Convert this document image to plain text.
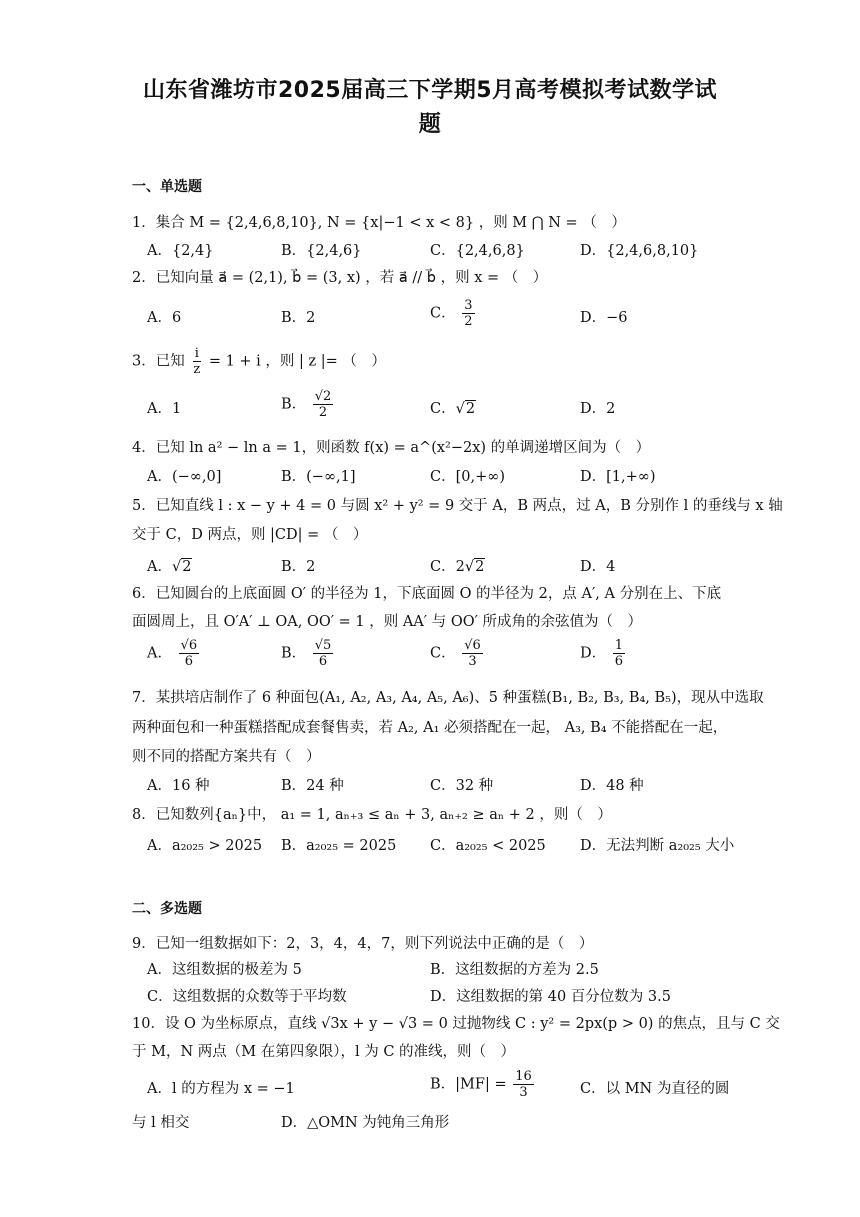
山东省潍坊市2025届高三下学期5月高考模拟考试数学试
题
一、单选题
1．集合 M = {2,4,6,8,10}, N = {x|−1 < x < 8} ，则 M ⋂ N = （　）
A．{2,4}	B．{2,4,6}	C．{2,4,6,8}	D．{2,4,6,8,10}
2．已知向量 a⃗ = (2,1), b⃗ = (3, x) ，若 a⃗ // b⃗ ，则 x = （　）
A．6	B．2	C． $\frac{3}{2}$	D．−6
3．已知 $\frac{i}{z} = 1 + i$ ，则 | z |= （　）
A．1	B． $\frac{√2}{2}$	C．√2	D．2
4．已知 ln a² − ln a = 1，则函数 f(x) = a^(x²−2x) 的单调递增区间为（　）
A．(−∞,0]	B．(−∞,1]	C．[0,+∞)	D．[1,+∞)
5．已知直线 l : x − y + 4 = 0 与圆 x² + y² = 9 交于 A，B 两点，过 A，B 分别作 l 的垂线与 x 轴
交于 C，D 两点，则 |CD| = （　）
A．√2	B．2	C．2√2	D．4
6．已知圆台的上底面圆 O′ 的半径为 1，下底面圆 O 的半径为 2，点 A′, A 分别在上、下底
面圆周上，且 O′A′ ⊥ OA, OO′ = 1 ，则 AA′ 与 OO′ 所成角的余弦值为（　）
A． $\frac{√6}{6}$	B． $\frac{√5}{6}$	C． $\frac{√6}{3}$	D． $\frac{1}{6}$
7．某拱培店制作了 6 种面包(A₁, A₂, A₃, A₄, A₅, A₆)、5 种蛋糕(B₁, B₂, B₃, B₄, B₅)，现从中选取
两种面包和一种蛋糕搭配成套餐售卖，若 A₂, A₁ 必须搭配在一起， A₃, B₄ 不能搭配在一起，
则不同的搭配方案共有（　）
A．16 种	B．24 种	C．32 种	D．48 种
8．已知数列{aₙ}中， a₁ = 1, aₙ₊₃ ≤ aₙ + 3, aₙ₊₂ ≥ aₙ + 2 ，则（　）
A．a₂₀₂₅ > 2025 B．a₂₀₂₅ = 2025 C．a₂₀₂₅ < 2025 D．无法判断 a₂₀₂₅ 大小
二、多选题
9．已知一组数据如下：2，3，4，4，7，则下列说法中正确的是（　）
A．这组数据的极差为 5	B．这组数据的方差为 2.5
C．这组数据的众数等于平均数	D．这组数据的第 40 百分位数为 3.5
10．设 O 为坐标原点，直线 √3x + y − √3 = 0 过抛物线 C : y² = 2px(p > 0) 的焦点，且与 C 交
于 M，N 两点（M 在第四象限），l 为 C 的准线，则（　）
A．l 的方程为 x = −1	B．$|MF| = \frac{16}{3}$	C．以 MN 为直径的圆
与 l 相交	D．△OMN 为钝角三角形
